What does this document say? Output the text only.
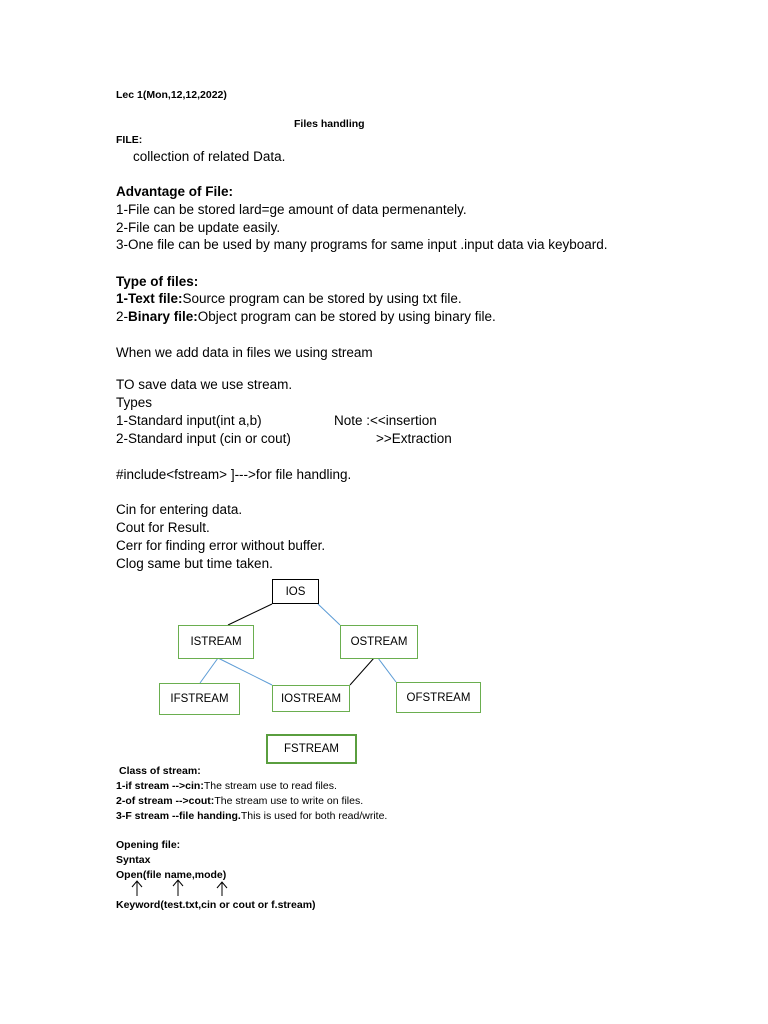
Lec 1(Mon,12,12,2022)
Files handling
FILE:
collection of related Data.
Advantage of File:
1-File can be stored lard=ge amount of data permenantely.
2-File can be update easily.
3-One file can be used by many programs for same input .input data via keyboard.
Type of files:
1-Text file:Source program can be stored by using txt file.
2-Binary file:Object program can be stored by using binary file.
When we add data in files we using stream
TO save data we use stream.
Types
1-Standard input(int a,b)	Note :<<insertion
2-Standard input (cin or cout)	>>Extraction
#include<fstream> ]--->for file handling.
Cin for entering data.
Cout for Result.
Cerr for finding error without buffer.
Clog same but time taken.
IOS
ISTREAM	OSTREAM
IFSTREAM	IOSTREAM	OFSTREAM
FSTREAM
Class of stream:
1-if stream -->cin:The stream use to read files.
2-of stream -->cout:The stream use to write on files.
3-F stream --file handing.This is used for both read/write.
Opening file:
Syntax
Open(file name,mode)
Keyword(test.txt,cin or cout or f.stream)
